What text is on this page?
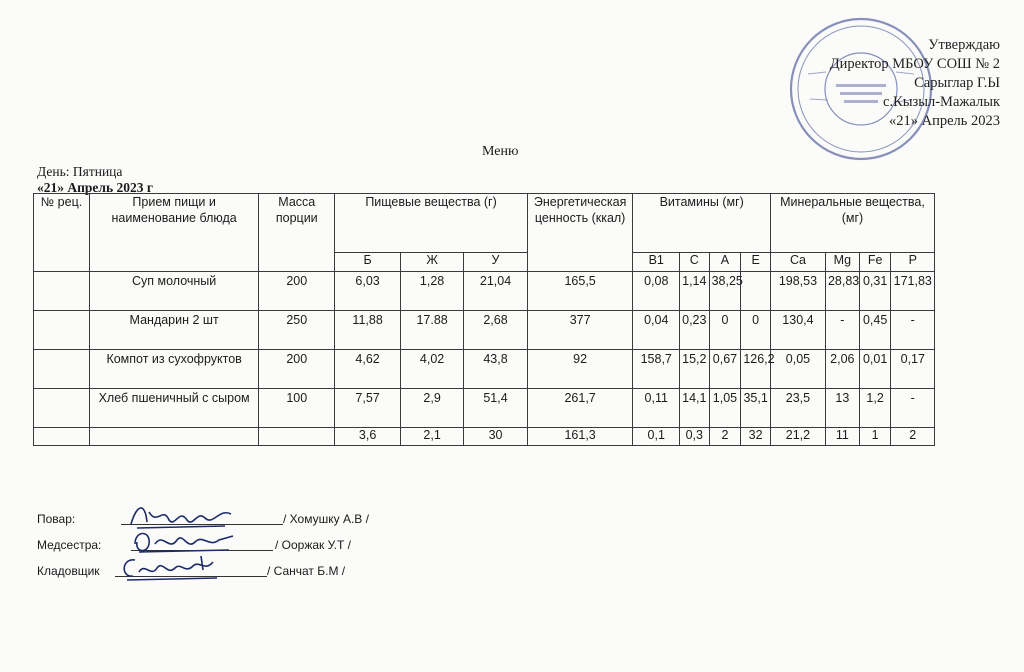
Утверждаю
Директор МБОУ СОШ № 2
Сарыглар Г.Ы
с.Кызыл-Мажалык
«21» Апрель 2023
Меню
День: Пятница
«21» Апрель 2023 г
№ рец.	Прием пищи и наименование блюда	Масса порции	Пищевые вещества (г)			Энергетическая ценность (ккал)	Витамины (мг)				Минеральные вещества, (мг)			
			Б	Ж	У		B1	C	A	E	Ca	Mg	Fe	P
	Суп молочный	200	6,03	1,28	21,04	165,5	0,08	1,14	38,25		198,53	28,83	0,31	171,83
	Мандарин 2 шт	250	11,88	17.88	2,68	377	0,04	0,23	0	0	130,4	-	0,45	-
	Компот из сухофруктов	200	4,62	4,02	43,8	92	158,7	15,2	0,67	126,2	0,05	2,06	0,01	0,17
	Хлеб пшеничный с сыром	100	7,57	2,9	51,4	261,7	0,11	14,1	1,05	35,1	23,5	13	1,2	-
			3,6	2,1	30	161,3	0,1	0,3	2	32	21,2	11	1	2
Повар:	/ Хомушку А.В /
Медсестра:	/ Ооржак У.Т /
Кладовщик	/ Санчат Б.М /
